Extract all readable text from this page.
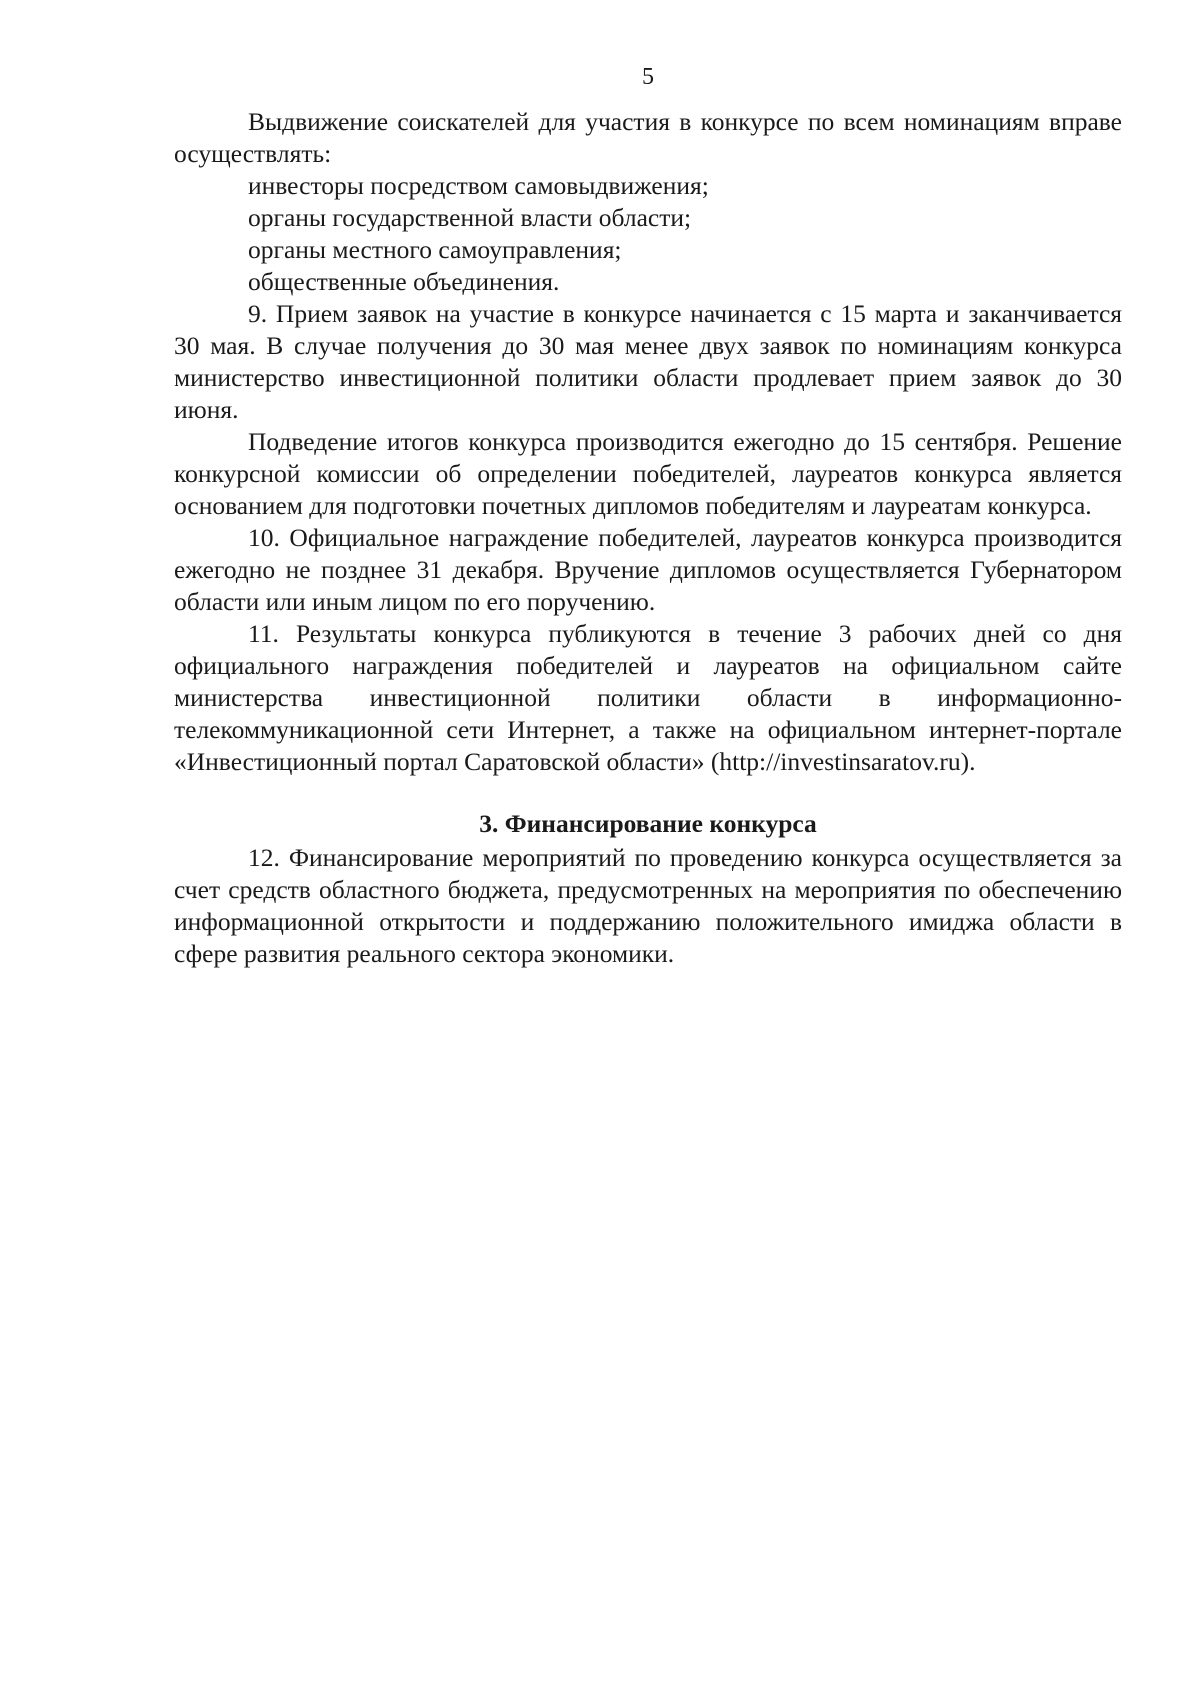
5

Выдвижение соискателей для участия в конкурсе по всем номинациям вправе осуществлять:

инвесторы посредством самовыдвижения;

органы государственной власти области;

органы местного самоуправления;

общественные объединения.

9. Прием заявок на участие в конкурсе начинается с 15 марта и заканчивается 30 мая. В случае получения до 30 мая менее двух заявок по номинациям конкурса министерство инвестиционной политики области продлевает прием заявок до 30 июня.

Подведение итогов конкурса производится ежегодно до 15 сентября. Решение конкурсной комиссии об определении победителей, лауреатов конкурса является основанием для подготовки почетных дипломов победителям и лауреатам конкурса.

10. Официальное награждение победителей, лауреатов конкурса производится ежегодно не позднее 31 декабря. Вручение дипломов осуществляется Губернатором области или иным лицом по его поручению.

11. Результаты конкурса публикуются в течение 3 рабочих дней со дня официального награждения победителей и лауреатов на официальном сайте министерства инвестиционной политики области в информационно-телекоммуникационной сети Интернет, а также на официальном интернет-портале «Инвестиционный портал Саратовской области» (http://investinsaratov.ru).

3. Финансирование конкурса

12. Финансирование мероприятий по проведению конкурса осуществляется за счет средств областного бюджета, предусмотренных на мероприятия по обеспечению информационной открытости и поддержанию положительного имиджа области в сфере развития реального сектора экономики.
